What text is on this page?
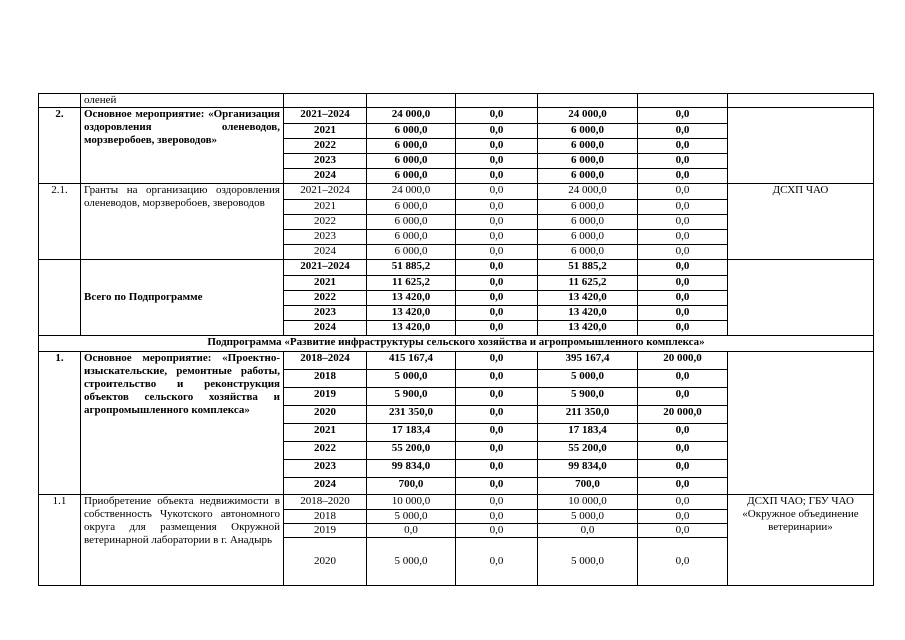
	оленей						
2.	Основное мероприятие: «Организация оздоровления оленеводов, морзверобоев, звероводов»	2021–2024	24 000,0	0,0	24 000,0	0,0	
		2021	6 000,0	0,0	6 000,0	0,0	
		2022	6 000,0	0,0	6 000,0	0,0	
		2023	6 000,0	0,0	6 000,0	0,0	
		2024	6 000,0	0,0	6 000,0	0,0	
2.1.	Гранты на организацию оздоровления оленеводов, морзверобоев, звероводов	2021–2024	24 000,0	0,0	24 000,0	0,0	ДСХП ЧАО
		2021	6 000,0	0,0	6 000,0	0,0	
		2022	6 000,0	0,0	6 000,0	0,0	
		2023	6 000,0	0,0	6 000,0	0,0	
		2024	6 000,0	0,0	6 000,0	0,0	
	Всего по Подпрограмме	2021–2024	51 885,2	0,0	51 885,2	0,0	
		2021	11 625,2	0,0	11 625,2	0,0	
		2022	13 420,0	0,0	13 420,0	0,0	
		2023	13 420,0	0,0	13 420,0	0,0	
		2024	13 420,0	0,0	13 420,0	0,0	
Подпрограмма «Развитие инфраструктуры сельского хозяйства и агропромышленного комплекса»							
1.	Основное мероприятие: «Проектно-изыскательские, ремонтные работы, строительство и реконструкция объектов сельского хозяйства и агропромышленного комплекса»	2018–2024	415 167,4	0,0	395 167,4	20 000,0	
		2018	5 000,0	0,0	5 000,0	0,0	
		2019	5 900,0	0,0	5 900,0	0,0	
		2020	231 350,0	0,0	211 350,0	20 000,0	
		2021	17 183,4	0,0	17 183,4	0,0	
		2022	55 200,0	0,0	55 200,0	0,0	
		2023	99 834,0	0,0	99 834,0	0,0	
		2024	700,0	0,0	700,0	0,0	
1.1	Приобретение объекта недвижимости в собственность Чукотского автономного округа для размещения Окружной ветеринарной лаборатории в г. Анадырь	2018–2020	10 000,0	0,0	10 000,0	0,0	ДСХП ЧАО; ГБУ ЧАО «Окружное объединение ветеринарии»
		2018	5 000,0	0,0	5 000,0	0,0	
		2019	0,0	0,0	0,0	0,0	
		2020	5 000,0	0,0	5 000,0	0,0	
